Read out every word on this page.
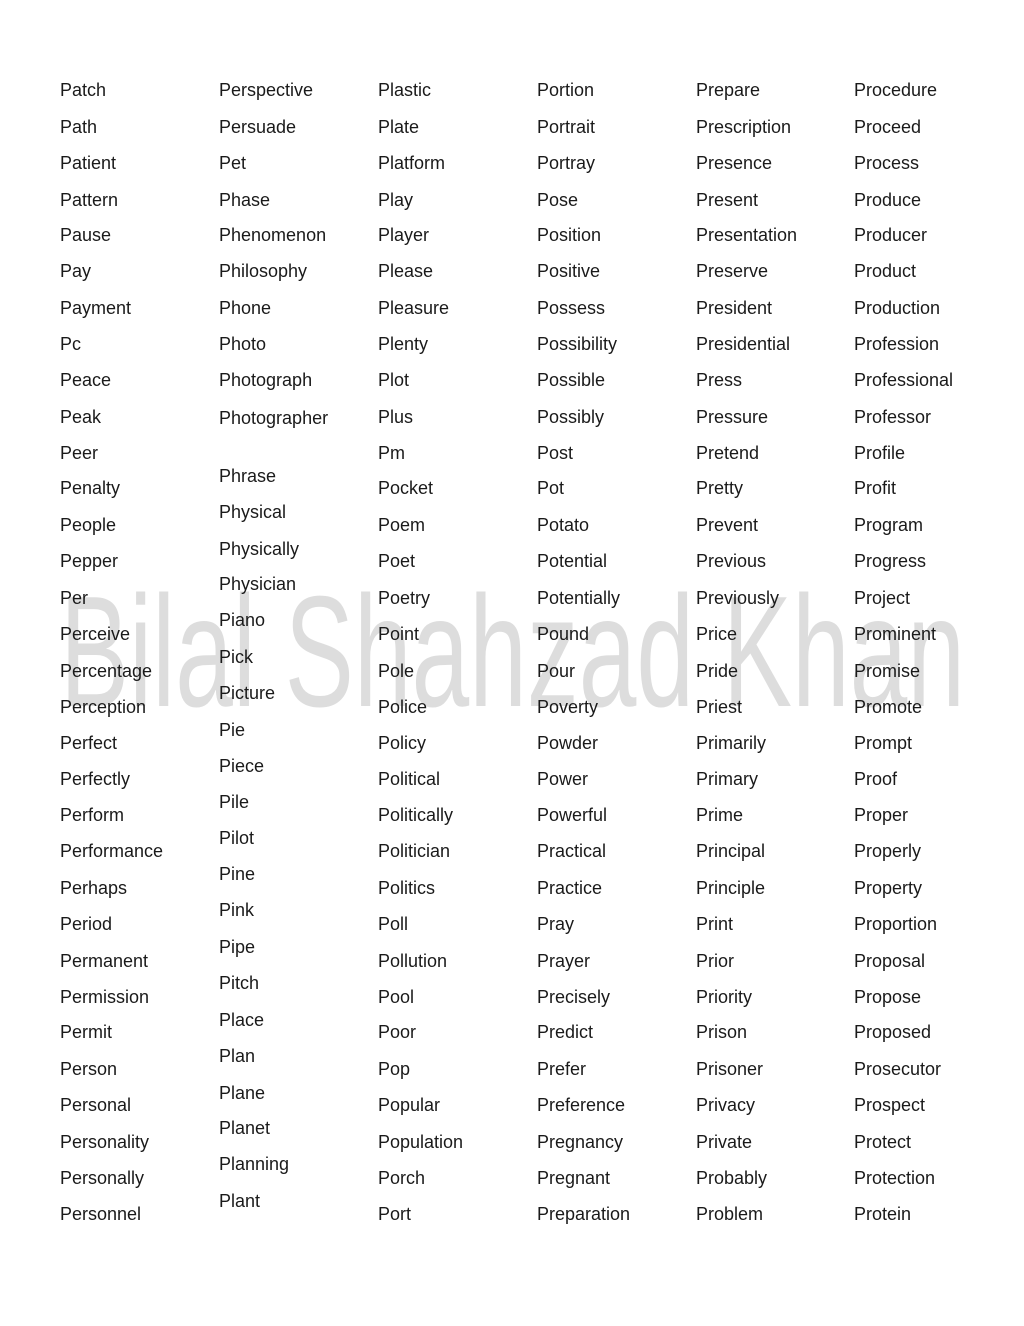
Bilal Shahzad Khan
Patch
Path
Patient
Pattern
Pause
Pay
Payment
Pc
Peace
Peak
Peer
Penalty
People
Pepper
Per
Perceive
Percentage
Perception
Perfect
Perfectly
Perform
Performance
Perhaps
Period
Permanent
Permission
Permit
Person
Personal
Personality
Personally
Personnel
Perspective
Persuade
Pet
Phase
Phenomenon
Philosophy
Phone
Photo
Photograph
Photographer
Phrase
Physical
Physically
Physician
Piano
Pick
Picture
Pie
Piece
Pile
Pilot
Pine
Pink
Pipe
Pitch
Place
Plan
Plane
Planet
Planning
Plant
Plastic
Plate
Platform
Play
Player
Please
Pleasure
Plenty
Plot
Plus
Pm
Pocket
Poem
Poet
Poetry
Point
Pole
Police
Policy
Political
Politically
Politician
Politics
Poll
Pollution
Pool
Poor
Pop
Popular
Population
Porch
Port
Portion
Portrait
Portray
Pose
Position
Positive
Possess
Possibility
Possible
Possibly
Post
Pot
Potato
Potential
Potentially
Pound
Pour
Poverty
Powder
Power
Powerful
Practical
Practice
Pray
Prayer
Precisely
Predict
Prefer
Preference
Pregnancy
Pregnant
Preparation
Prepare
Prescription
Presence
Present
Presentation
Preserve
President
Presidential
Press
Pressure
Pretend
Pretty
Prevent
Previous
Previously
Price
Pride
Priest
Primarily
Primary
Prime
Principal
Principle
Print
Prior
Priority
Prison
Prisoner
Privacy
Private
Probably
Problem
Procedure
Proceed
Process
Produce
Producer
Product
Production
Profession
Professional
Professor
Profile
Profit
Program
Progress
Project
Prominent
Promise
Promote
Prompt
Proof
Proper
Properly
Property
Proportion
Proposal
Propose
Proposed
Prosecutor
Prospect
Protect
Protection
Protein
